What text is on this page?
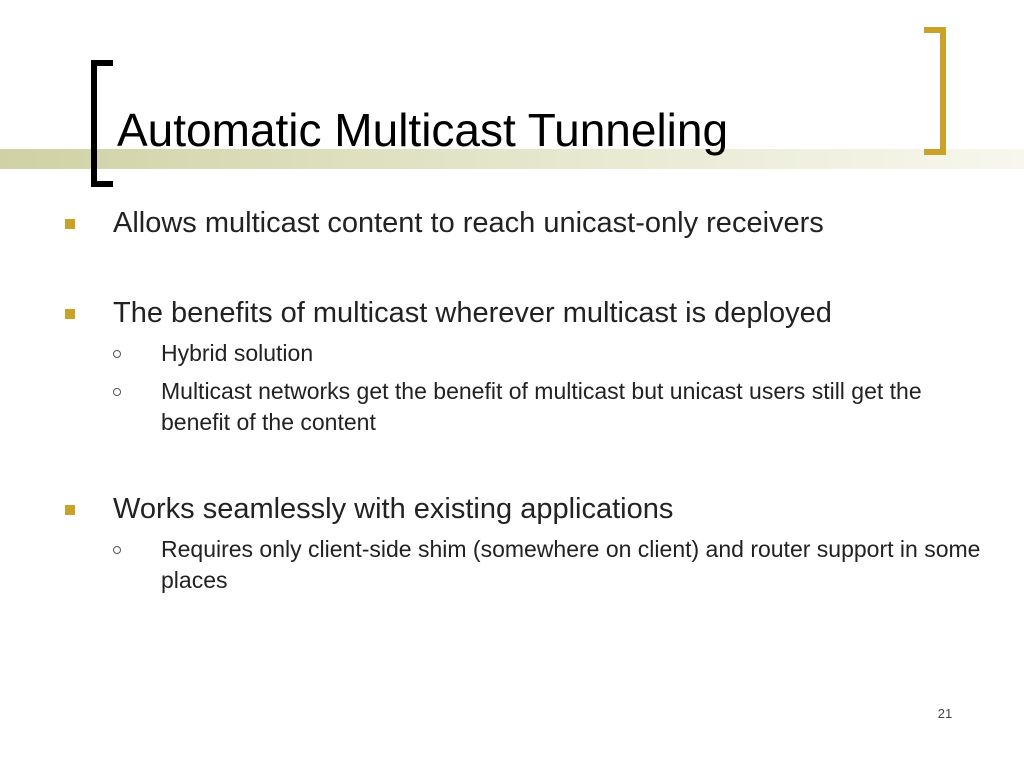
Automatic Multicast Tunneling
Allows multicast content to reach unicast-only receivers
The benefits of multicast wherever multicast is deployed
Hybrid solution
Multicast networks get the benefit of multicast but unicast users still get the benefit of the content
Works seamlessly with existing applications
Requires only client-side shim (somewhere on client) and router support in some places
21
